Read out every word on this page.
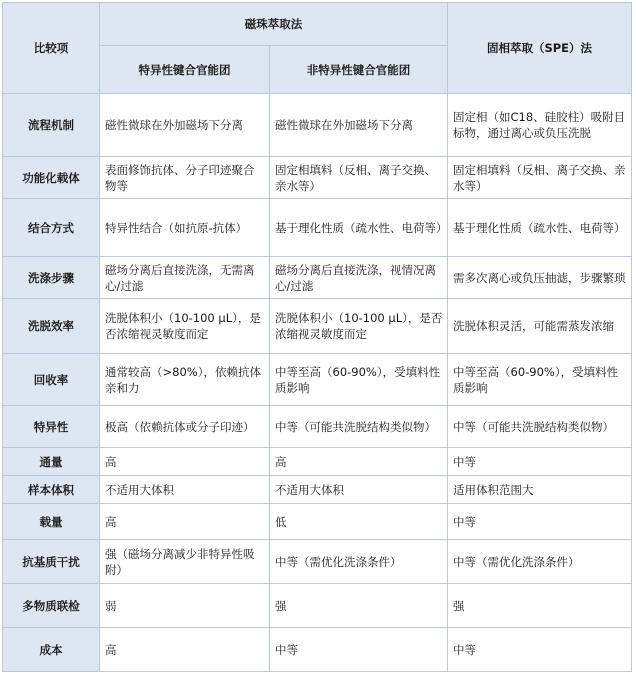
比较项	磁珠萃取法		固相萃取（SPE）法
	特异性键合官能团	非特异性键合官能团	
流程机制	磁性微球在外加磁场下分离	磁性微球在外加磁场下分离	固定相（如C18、硅胶柱）吸附目标物，通过离心或负压洗脱
功能化载体	表面修饰抗体、分子印迹聚合物等	固定相填料（反相、离子交换、亲水等）	固定相填料（反相、离子交换、亲水等）
结合方式	特异性结合（如抗原-抗体）	基于理化性质（疏水性、电荷等）	基于理化性质（疏水性、电荷等）
洗涤步骤	磁场分离后直接洗涤，无需离心/过滤	磁场分离后直接洗涤，视情况离心/过滤	需多次离心或负压抽滤，步骤繁琐
洗脱效率	洗脱体积小（10-100 μL），是否浓缩视灵敏度而定	洗脱体积小（10-100 μL），是否浓缩视灵敏度而定	洗脱体积灵活，可能需蒸发浓缩
回收率	通常较高（>80%），依赖抗体亲和力	中等至高（60-90%），受填料性质影响	中等至高（60-90%），受填料性质影响
特异性	极高（依赖抗体或分子印迹）	中等（可能共洗脱结构类似物）	中等（可能共洗脱结构类似物）
通量	高	高	中等
样本体积	不适用大体积	不适用大体积	适用体积范围大
载量	高	低	中等
抗基质干扰	强（磁场分离减少非特异性吸附）	中等（需优化洗涤条件）	中等（需优化洗涤条件）
多物质联检	弱	强	强
成本	高	中等	中等
